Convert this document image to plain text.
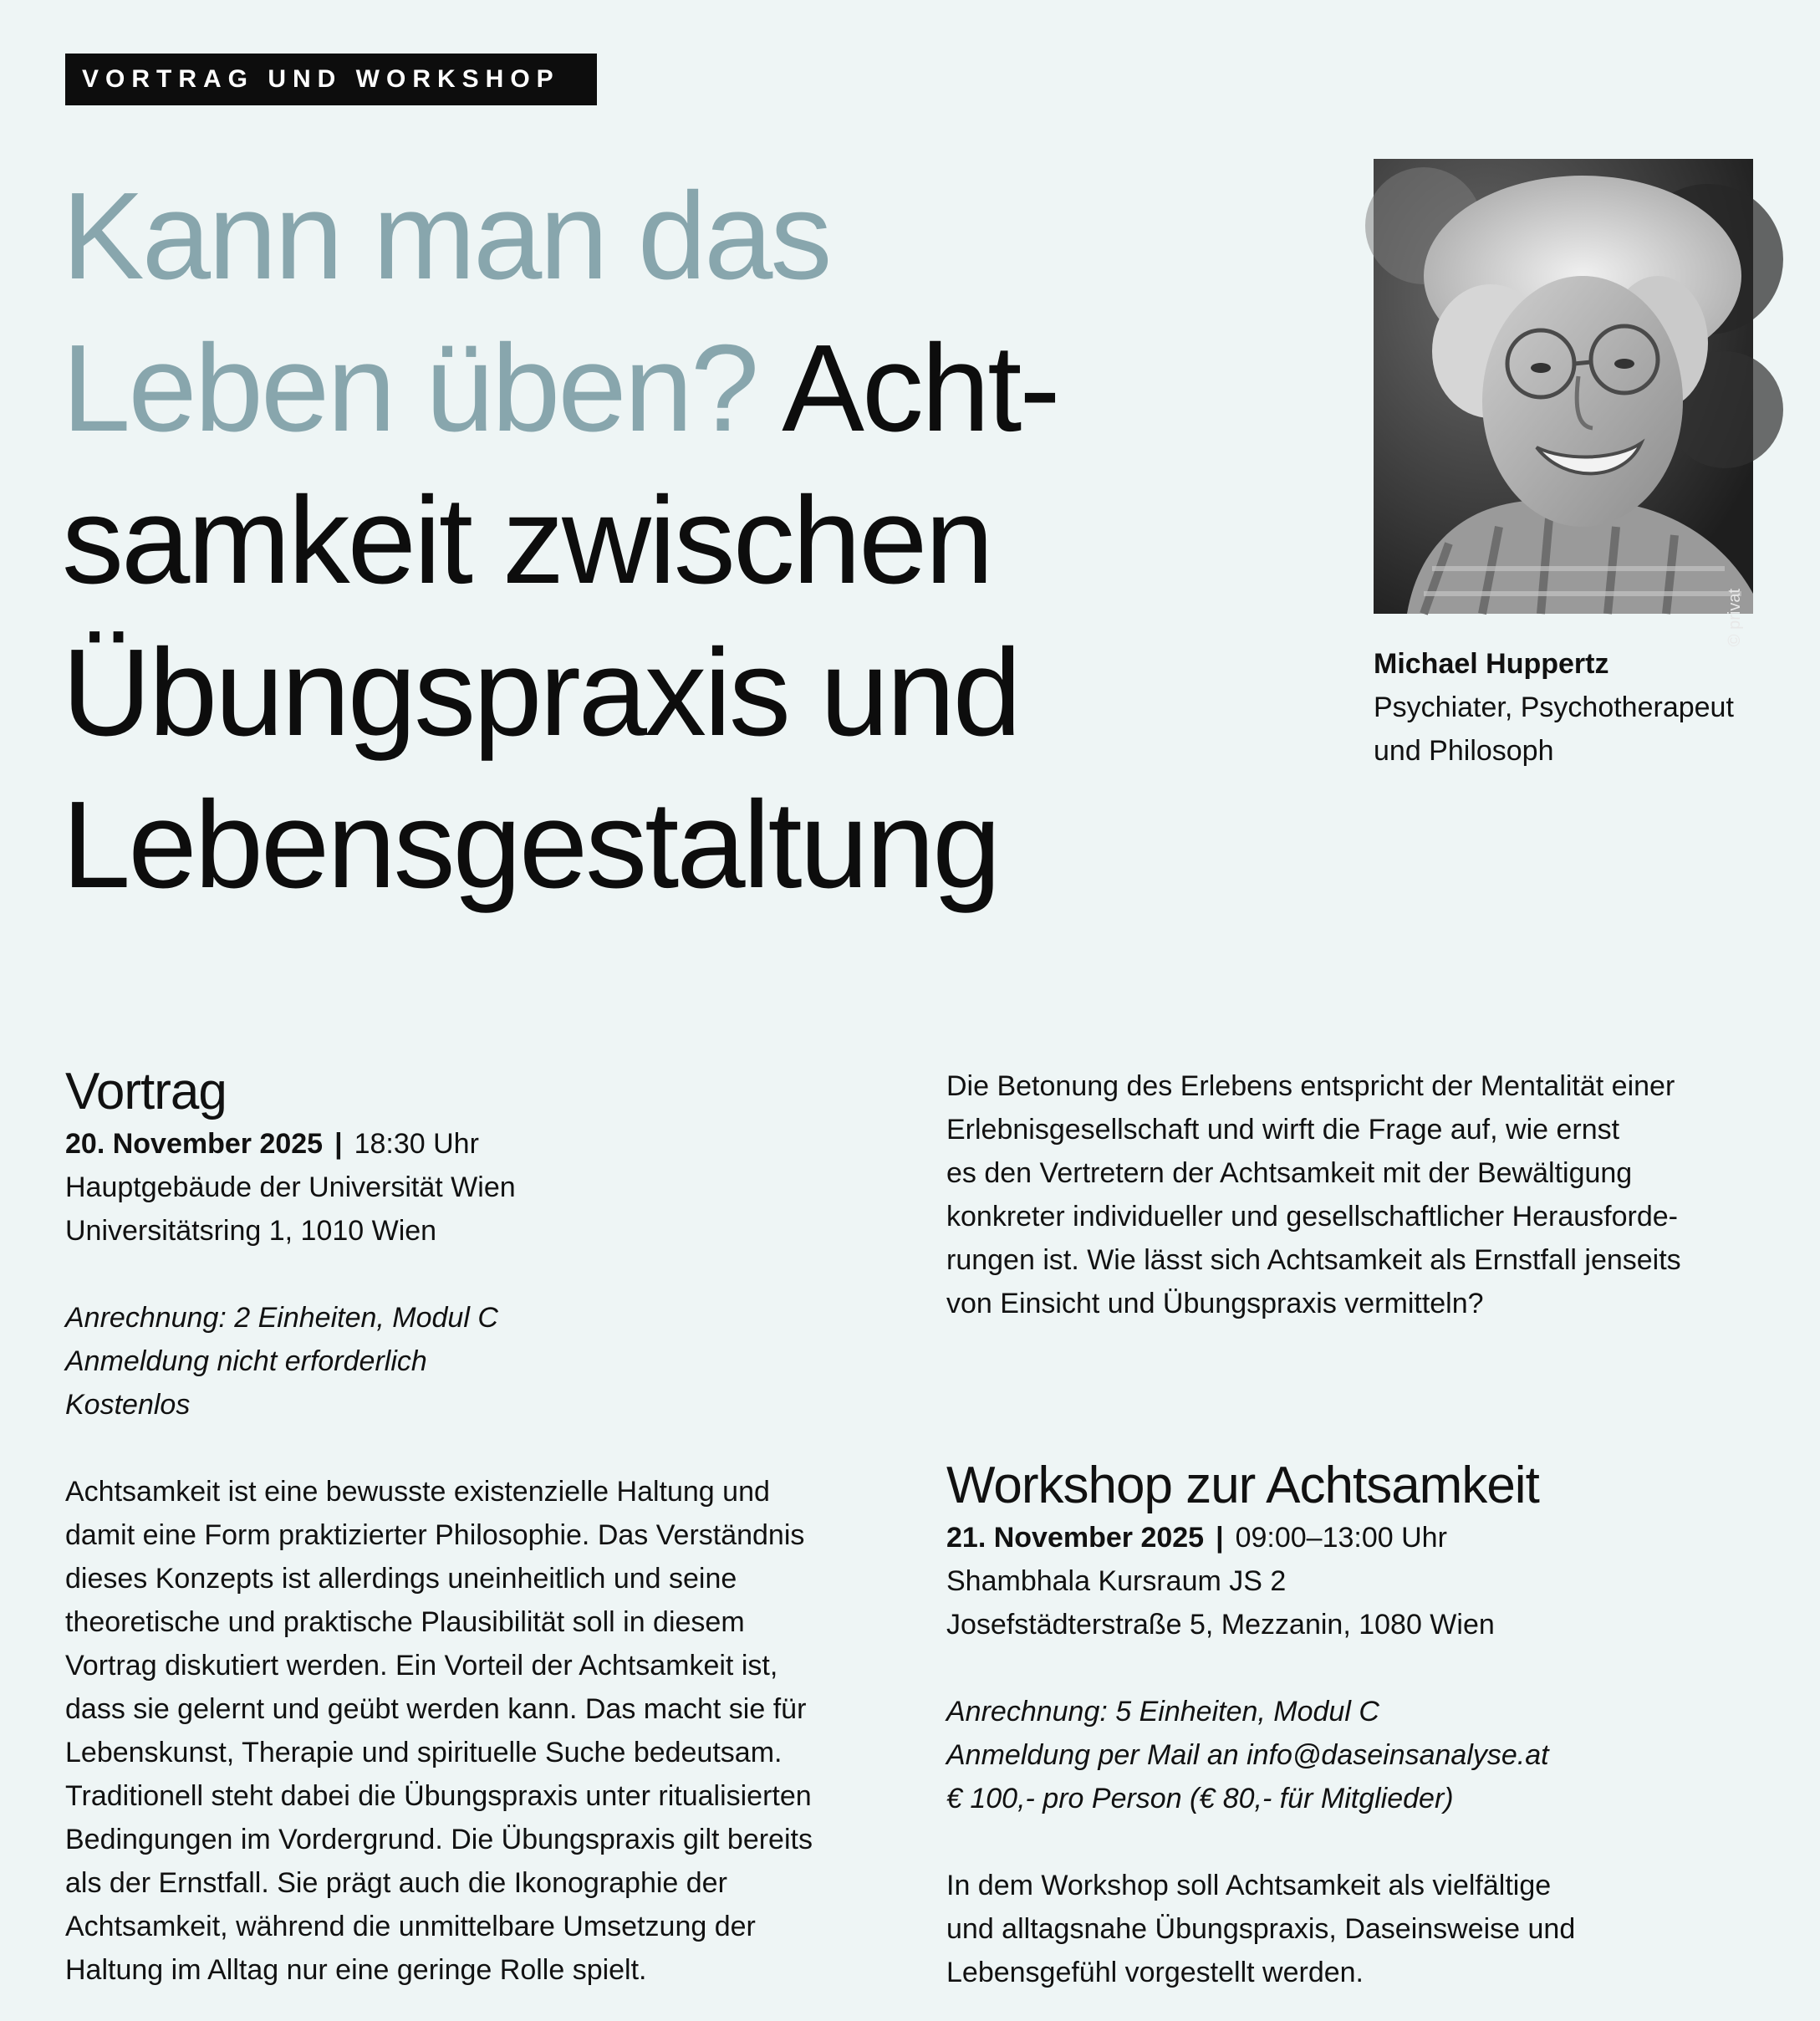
VORTRAG UND WORKSHOP
Kann man das
Leben üben? Acht-
samkeit zwischen
Übungspraxis und
Lebensgestaltung
© privat
Michael Huppertz
Psychiater, Psychotherapeut
und Philosoph
Vortrag
20. November 2025 | 18:30 Uhr
Hauptgebäude der Universität Wien
Universitätsring 1, 1010 Wien
Anrechnung: 2 Einheiten, Modul C
Anmeldung nicht erforderlich
Kostenlos
Achtsamkeit ist eine bewusste existenzielle Haltung und
damit eine Form praktizierter Philosophie. Das Verständnis
dieses Konzepts ist allerdings uneinheitlich und seine
theoretische und praktische Plausibilität soll in diesem
Vortrag diskutiert werden. Ein Vorteil der Achtsamkeit ist,
dass sie gelernt und geübt werden kann. Das macht sie für
Lebenskunst, Therapie und spirituelle Suche bedeutsam.
Traditionell steht dabei die Übungspraxis unter ritualisierten
Bedingungen im Vordergrund. Die Übungspraxis gilt bereits
als der Ernstfall. Sie prägt auch die Ikonographie der
Achtsamkeit, während die unmittelbare Umsetzung der
Haltung im Alltag nur eine geringe Rolle spielt.
Die Betonung des Erlebens entspricht der Mentalität einer
Erlebnisgesellschaft und wirft die Frage auf, wie ernst
es den Vertretern der Achtsamkeit mit der Bewältigung
konkreter individueller und gesellschaftlicher Herausforde-
rungen ist. Wie lässt sich Achtsamkeit als Ernstfall jenseits
von Einsicht und Übungspraxis vermitteln?
Workshop zur Achtsamkeit
21. November 2025 | 09:00–13:00 Uhr
Shambhala Kursraum JS 2
Josefstädterstraße 5, Mezzanin, 1080 Wien
Anrechnung: 5 Einheiten, Modul C
Anmeldung per Mail an info@daseinsanalyse.at
€ 100,- pro Person (€ 80,- für Mitglieder)
In dem Workshop soll Achtsamkeit als vielfältige
und alltagsnahe Übungspraxis, Daseinsweise und
Lebensgefühl vorgestellt werden.
